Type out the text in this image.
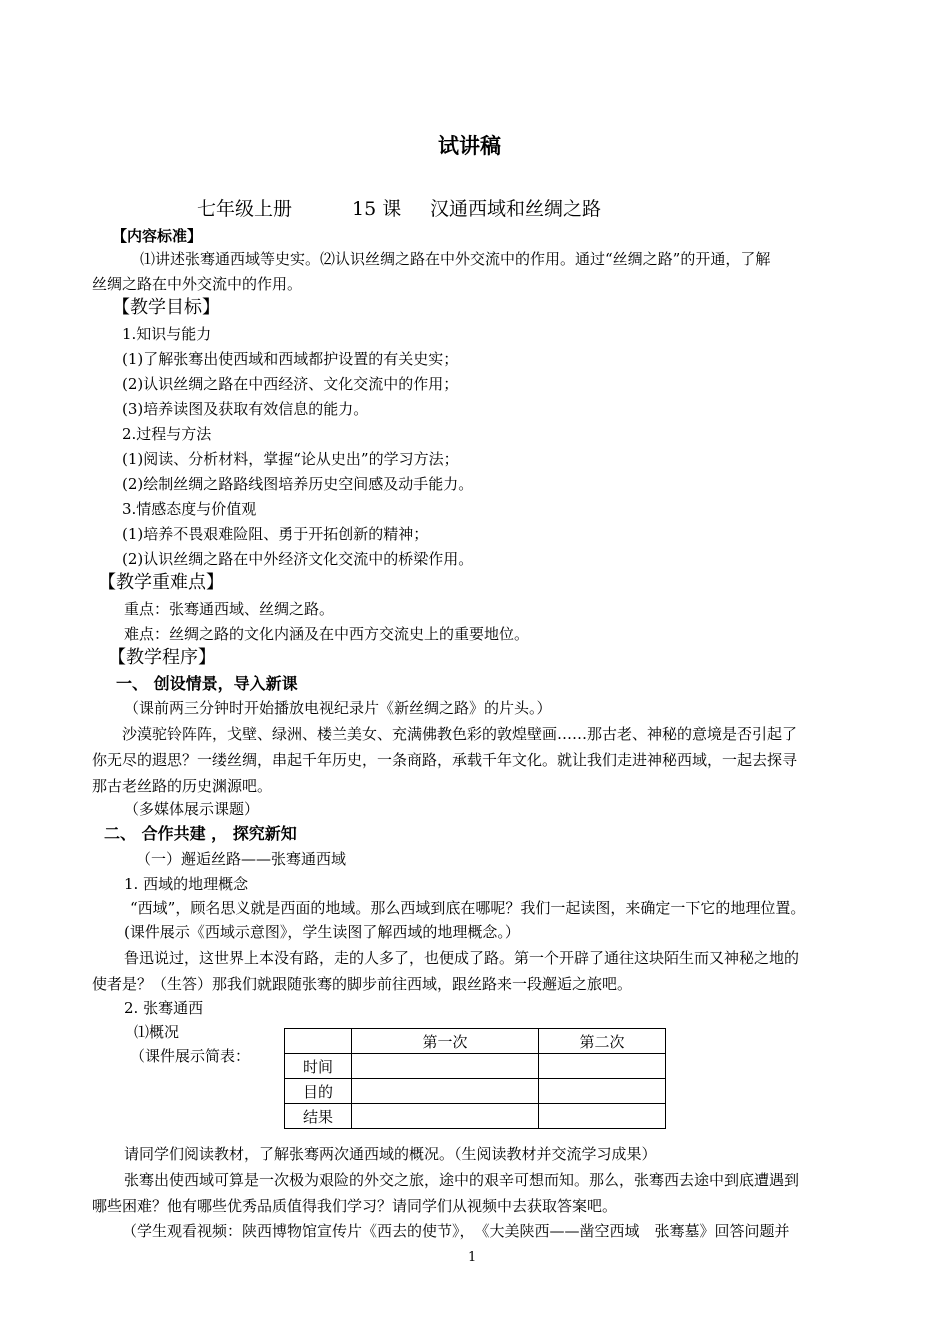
试讲稿
七年级上册	15 课 汉通西域和丝绸之路
【内容标准】
⑴讲述张骞通西域等史实。⑵认识丝绸之路在中外交流中的作用。通过“丝绸之路”的开通，了解
丝绸之路在中外交流中的作用。
【教学目标】
1.知识与能力
(1)了解张骞出使西域和西域都护设置的有关史实；
(2)认识丝绸之路在中西经济、文化交流中的作用；
(3)培养读图及获取有效信息的能力。
2.过程与方法
(1)阅读、分析材料，掌握“论从史出”的学习方法；
(2)绘制丝绸之路路线图培养历史空间感及动手能力。
3.情感态度与价值观
(1)培养不畏艰难险阻、勇于开拓创新的精神；
(2)认识丝绸之路在中外经济文化交流中的桥梁作用。
【教学重难点】
重点：张骞通西域、丝绸之路。
难点：丝绸之路的文化内涵及在中西方交流史上的重要地位。
【教学程序】
一、 创设情景，导入新课
（课前两三分钟时开始播放电视纪录片《新丝绸之路》的片头。）
沙漠驼铃阵阵，戈壁、绿洲、楼兰美女、充满佛教色彩的敦煌壁画……那古老、神秘的意境是否引起了
你无尽的遐思？一缕丝绸，串起千年历史，一条商路，承载千年文化。就让我们走进神秘西域，一起去探寻
那古老丝路的历史渊源吧。
（多媒体展示课题）
二、 合作共建 ， 探究新知
（一）邂逅丝路——张骞通西域
1. 西域的地理概念
“西域”，顾名思义就是西面的地域。那么西域到底在哪呢？我们一起读图，来确定一下它的地理位置。
(课件展示《西域示意图》，学生读图了解西域的地理概念。）
鲁迅说过，这世界上本没有路，走的人多了，也便成了路。第一个开辟了通往这块陌生而又神秘之地的
使者是？（生答）那我们就跟随张骞的脚步前往西域，跟丝路来一段邂逅之旅吧。
2. 张骞通西
⑴概况
（课件展示简表：
	第一次	第二次
时间		
目的		
结果		
请同学们阅读教材，了解张骞两次通西域的概况。（生阅读教材并交流学习成果）
张骞出使西域可算是一次极为艰险的外交之旅，途中的艰辛可想而知。那么，张骞西去途中到底遭遇到
哪些困难？他有哪些优秀品质值得我们学习？请同学们从视频中去获取答案吧。
（学生观看视频：陕西博物馆宣传片《西去的使节》，　《大美陕西——凿空西域　张骞墓》回答问题并
1
